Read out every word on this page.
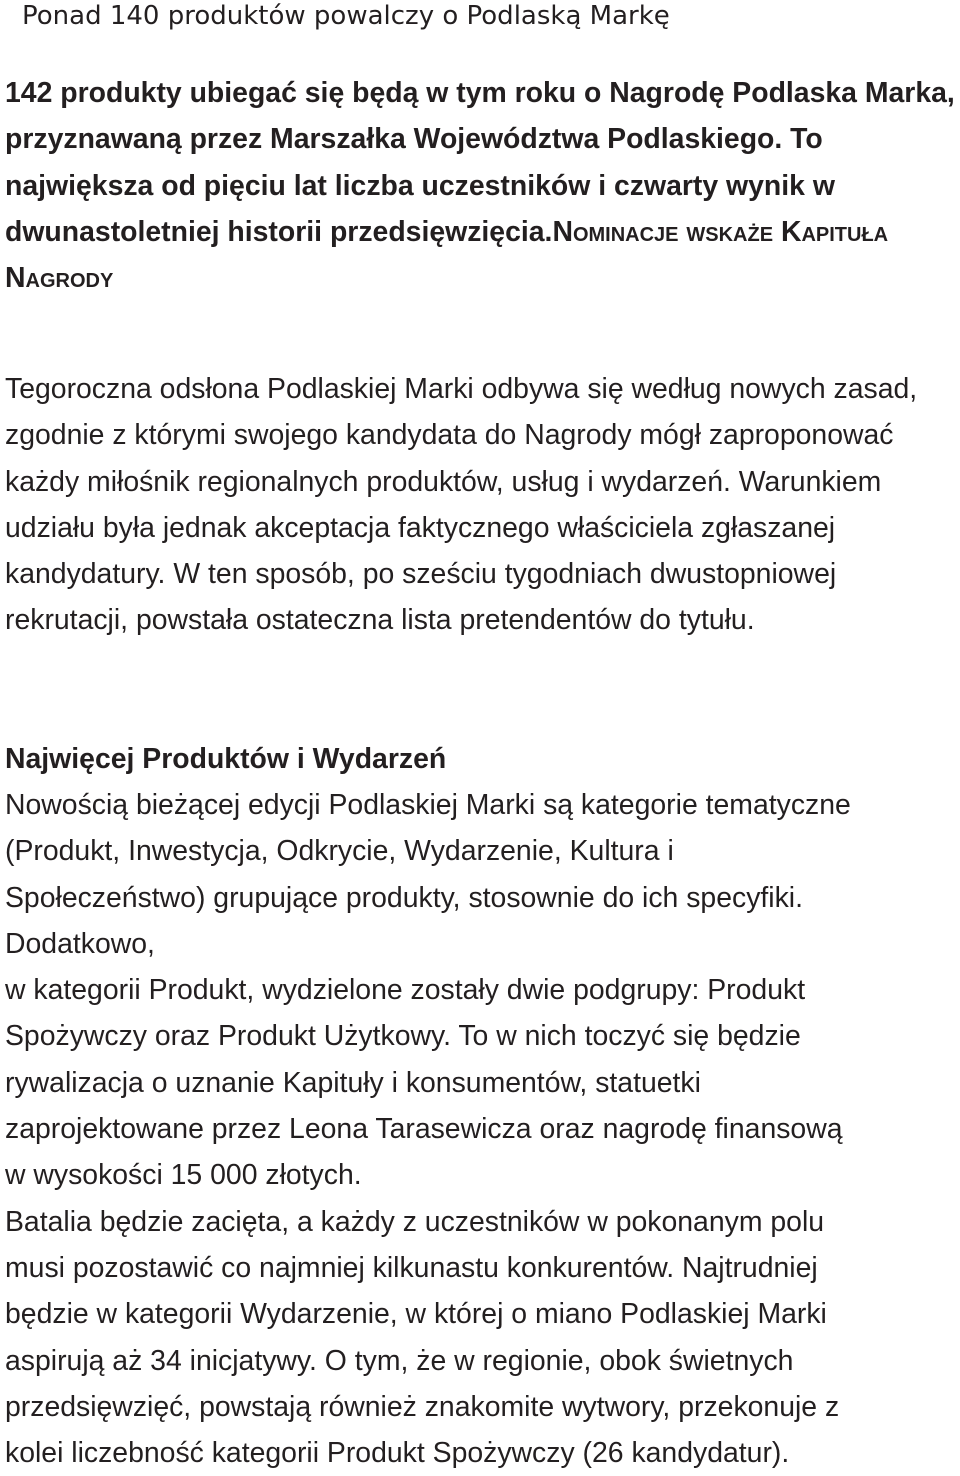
Ponad 140 produktów powalczy o Podlaską Markę

142 produkty ubiegać się będą w tym roku o Nagrodę Podlaska Marka, przyznawaną przez Marszałka Województwa Podlaskiego. To największa od pięciu lat liczba uczestników i czwarty wynik w dwunastoletniej historii przedsięwzięcia.Nominacje wskaże Kapituła Nagrody

Tegoroczna odsłona Podlaskiej Marki odbywa się według nowych zasad, zgodnie z którymi swojego kandydata do Nagrody mógł zaproponować każdy miłośnik regionalnych produktów, usług i wydarzeń. Warunkiem udziału była jednak akceptacja faktycznego właściciela zgłaszanej kandydatury. W ten sposób, po sześciu tygodniach dwustopniowej rekrutacji, powstała ostateczna lista pretendentów do tytułu.

Najwięcej Produktów i Wydarzeń

Nowością bieżącej edycji Podlaskiej Marki są kategorie tematyczne
(Produkt, Inwestycja, Odkrycie, Wydarzenie, Kultura i
Społeczeństwo) grupujące produkty, stosownie do ich specyfiki.
Dodatkowo,
w kategorii Produkt, wydzielone zostały dwie podgrupy: Produkt
Spożywczy oraz Produkt Użytkowy. To w nich toczyć się będzie
rywalizacja o uznanie Kapituły i konsumentów, statuetki
zaprojektowane przez Leona Tarasewicza oraz nagrodę finansową
w wysokości 15 000 złotych.
Batalia będzie zacięta, a każdy z uczestników w pokonanym polu
musi pozostawić co najmniej kilkunastu konkurentów. Najtrudniej
będzie w kategorii Wydarzenie, w której o miano Podlaskiej Marki
aspirują aż 34 inicjatywy. O tym, że w regionie, obok świetnych
przedsięwzięć, powstają również znakomite wytwory, przekonuje z
kolei liczebność kategorii Produkt Spożywczy (26 kandydatur).
